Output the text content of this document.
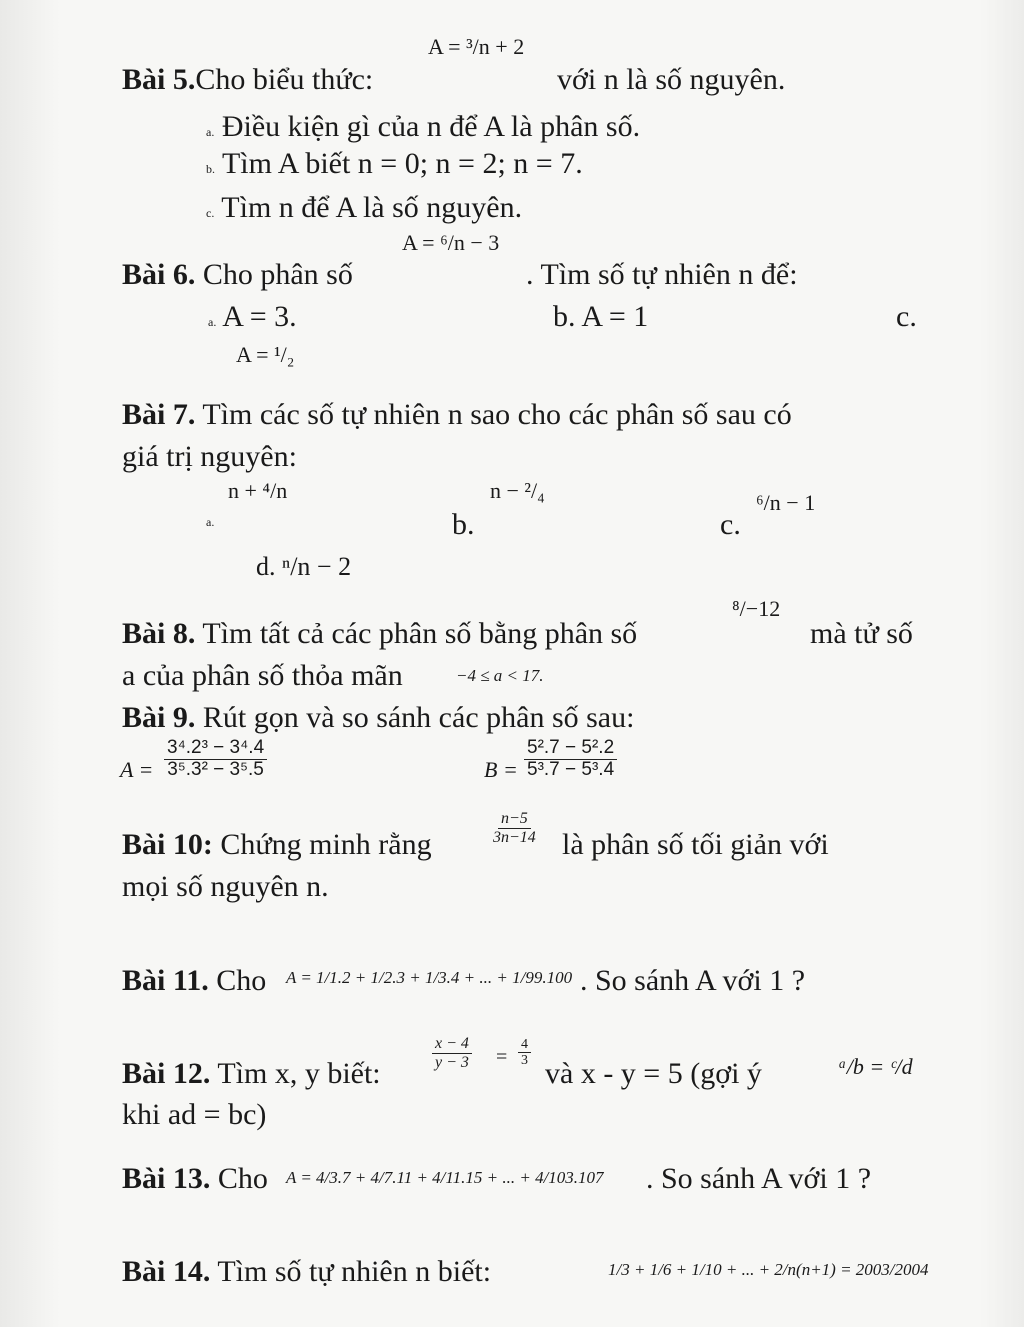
Bài 5.Cho biểu thức:
A = ³/n + 2
với n là số nguyên.
a. Điều kiện gì của n để A là phân số.
b. Tìm A biết n = 0; n = 2; n = 7.
c. Tìm n để A là số nguyên.
Bài 6. Cho phân số
A = ⁶/n − 3
. Tìm số tự nhiên n để:
a. A = 3.	b. A = 1	c.
A = ¹/₂
Bài 7. Tìm các số tự nhiên n sao cho các phân số sau có
giá trị nguyên:
n + ⁴/n
a.	b.
n − ²/₄
c.
⁶/n − 1
d. ⁿ/n − 2
Bài 8. Tìm tất cả các phân số bằng phân số
⁸/−12
mà tử số
a của phân số thỏa mãn	−4 ≤ a < 17.
Bài 9. Rút gọn và so sánh các phân số sau:
$A = \frac{\text{3⁴.2³ − 3⁴.4}}{\text{3⁵.3² − 3⁵.5}}$	$B = \frac{\text{5².7 − 5².2}}{\text{5³.7 − 5³.4}}$
Bài 10: Chứng minh rằng	$\frac{n-5}{3n-14}$ là phân số tối giản với
mọi số nguyên n.
Bài 11. Cho A = 1/1.2 + 1/2.3 + 1/3.4 + ... + 1/99.100 . So sánh A với 1 ?
Bài 12. Tìm x, y biết:
$\frac{x - 4}{y - 3} = \frac{4}{3}$
và x - y = 5 (gợi ý	ᵃ/b = ᶜ/d
khi ad = bc)
Bài 13. Cho A = 4/3.7 + 4/7.11 + 4/11.15 + ... + 4/103.107 . So sánh A với 1 ?
Bài 14. Tìm số tự nhiên n biết:	1/3 + 1/6 + 1/10 + ... + 2/n(n+1) = 2003/2004
